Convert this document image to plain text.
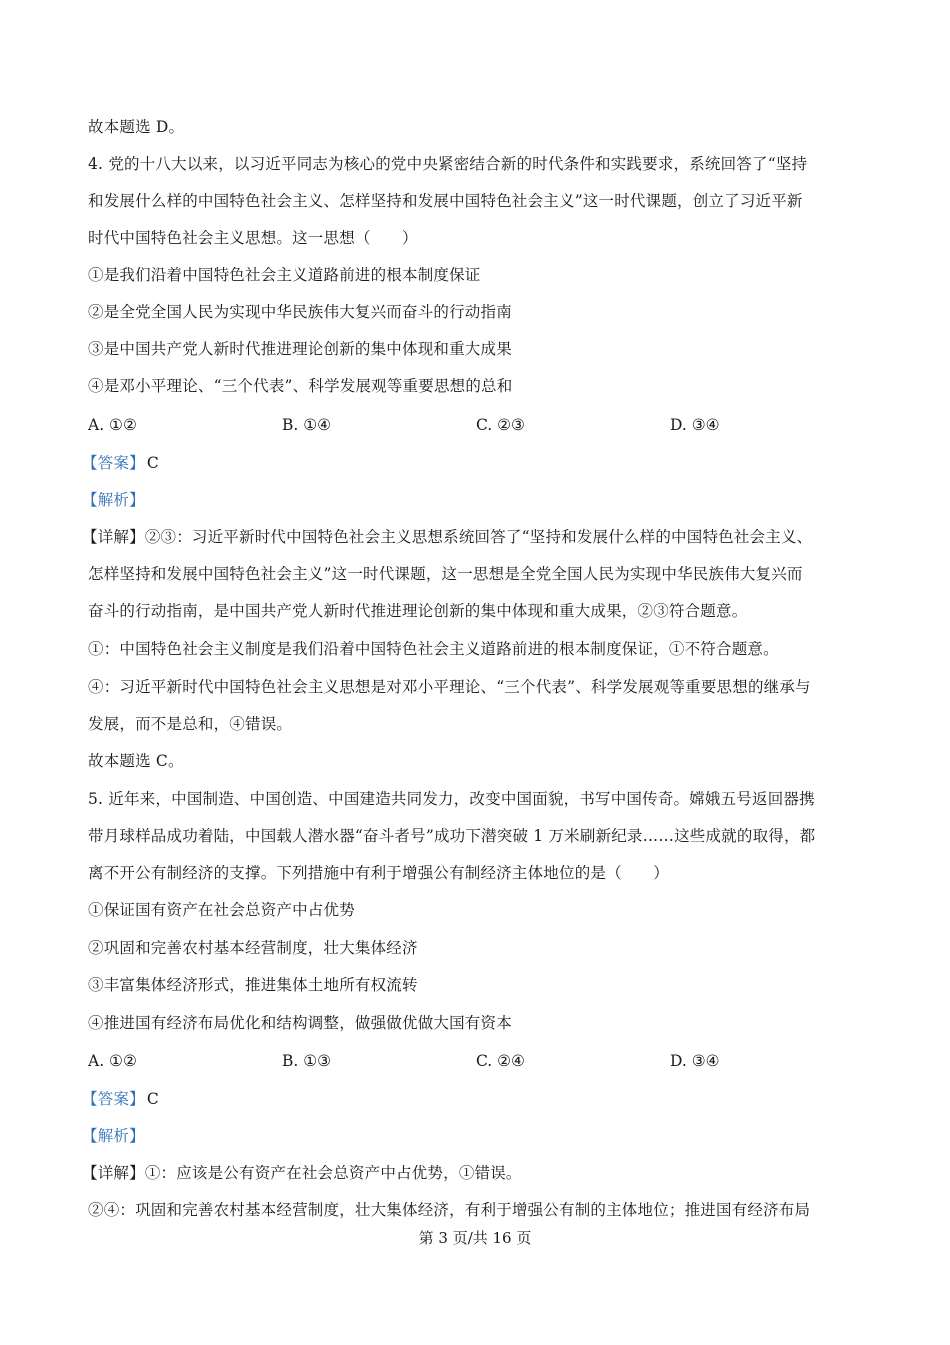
故本题选 D。
4. 党的十八大以来，以习近平同志为核心的党中央紧密结合新的时代条件和实践要求，系统回答了“坚持
和发展什么样的中国特色社会主义、怎样坚持和发展中国特色社会主义”这一时代课题，创立了习近平新
时代中国特色社会主义思想。这一思想（　　）
①是我们沿着中国特色社会主义道路前进的根本制度保证
②是全党全国人民为实现中华民族伟大复兴而奋斗的行动指南
③是中国共产党人新时代推进理论创新的集中体现和重大成果
④是邓小平理论、“三个代表”、科学发展观等重要思想的总和
A. ①②	B. ①④	C. ②③	D. ③④
【答案】 C
【解析】
【详解】②③：习近平新时代中国特色社会主义思想系统回答了“坚持和发展什么样的中国特色社会主义、
怎样坚持和发展中国特色社会主义”这一时代课题，这一思想是全党全国人民为实现中华民族伟大复兴而
奋斗的行动指南，是中国共产党人新时代推进理论创新的集中体现和重大成果，②③符合题意。
①：中国特色社会主义制度是我们沿着中国特色社会主义道路前进的根本制度保证，①不符合题意。
④：习近平新时代中国特色社会主义思想是对邓小平理论、“三个代表”、科学发展观等重要思想的继承与
发展，而不是总和，④错误。
故本题选 C。
5. 近年来，中国制造、中国创造、中国建造共同发力，改变中国面貌，书写中国传奇。嫦娥五号返回器携
带月球样品成功着陆，中国载人潜水器“奋斗者号”成功下潜突破 1 万米刷新纪录……这些成就的取得，都
离不开公有制经济的支撑。下列措施中有利于增强公有制经济主体地位的是（　　）
①保证国有资产在社会总资产中占优势
②巩固和完善农村基本经营制度，壮大集体经济
③丰富集体经济形式，推进集体土地所有权流转
④推进国有经济布局优化和结构调整，做强做优做大国有资本
A. ①②	B. ①③	C. ②④	D. ③④
【答案】 C
【解析】
【详解】①：应该是公有资产在社会总资产中占优势，①错误。
②④：巩固和完善农村基本经营制度，壮大集体经济，有利于增强公有制的主体地位；推进国有经济布局
第 3 页/共 16 页
